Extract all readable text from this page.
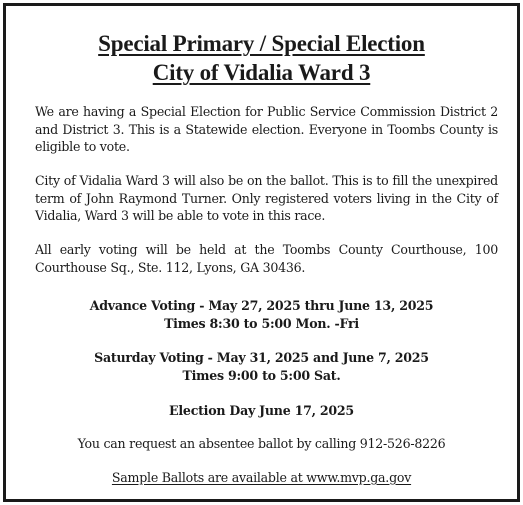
Special Primary / Special Election
City of Vidalia Ward 3
We are having a Special Election for Public Service Commission District 2 and District 3. This is a Statewide election. Everyone in Toombs County is eligible to vote.
City of Vidalia Ward 3 will also be on the ballot. This is to fill the unexpired term of John Raymond Turner. Only registered voters living in the City of Vidalia, Ward 3 will be able to vote in this race.
All early voting will be held at the Toombs County Courthouse, 100 Courthouse Sq., Ste. 112, Lyons, GA 30436.
Advance Voting - May 27, 2025 thru June 13, 2025
Times 8:30 to 5:00 Mon. -Fri
Saturday Voting - May 31, 2025 and June 7, 2025
Times 9:00 to 5:00 Sat.
Election Day June 17, 2025
You can request an absentee ballot by calling 912-526-8226
Sample Ballots are available at www.mvp.ga.gov
